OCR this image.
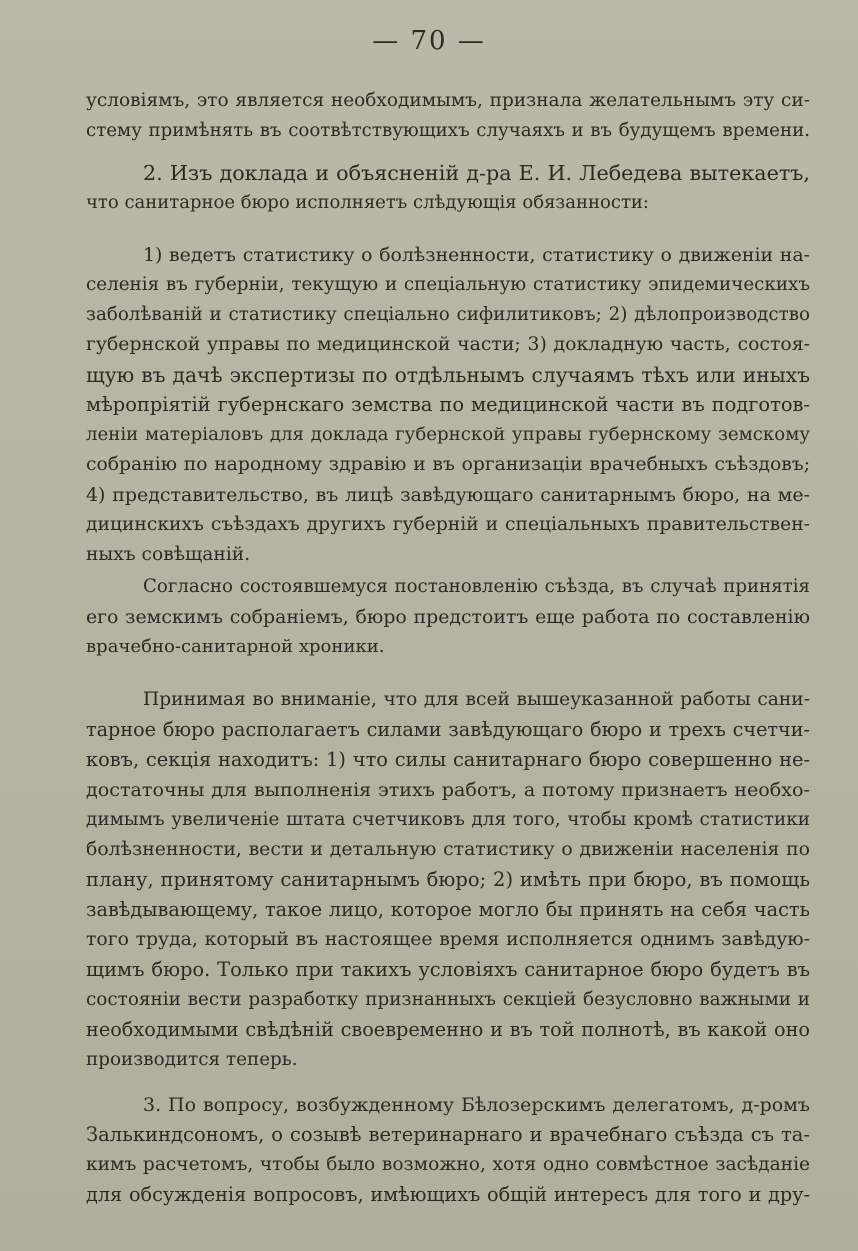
— 70 —
условіямъ, это является необходимымъ, признала желательнымъ эту си-
стему примѣнять въ соотвѣтствующихъ случаяхъ и въ будущемъ времени.
2. Изъ доклада и объясненій д-ра Е. И. Лебедева вытекаетъ,
что санитарное бюро исполняетъ слѣдующія обязанности:
1) ведетъ статистику о болѣзненности, статистику о движеніи на-
селенія въ губерніи, текущую и спеціальную статистику эпидемическихъ
заболѣваній и статистику спеціально сифилитиковъ; 2) дѣлопроизводство
губернской управы по медицинской части; 3) докладную часть, состоя-
щую въ дачѣ экспертизы по отдѣльнымъ случаямъ тѣхъ или иныхъ
мѣропріятій губернскаго земства по медицинской части въ подготов-
леніи матеріаловъ для доклада губернской управы губернскому земскому
собранію по народному здравію и въ организаціи врачебныхъ съѣздовъ;
4) представительство, въ лицѣ завѣдующаго санитарнымъ бюро, на ме-
дицинскихъ съѣздахъ другихъ губерній и спеціальныхъ правительствен-
ныхъ совѣщаній.
Согласно состоявшемуся постановленію съѣзда, въ случаѣ принятія
его земскимъ собраніемъ, бюро предстоитъ еще работа по составленію
врачебно-санитарной хроники.
Принимая во вниманіе, что для всей вышеуказанной работы сани-
тарное бюро располагаетъ силами завѣдующаго бюро и трехъ счетчи-
ковъ, секція находитъ: 1) что силы санитарнаго бюро совершенно не-
достаточны для выполненія этихъ работъ, а потому признаетъ необхо-
димымъ увеличеніе штата счетчиковъ для того, чтобы кромѣ статистики
болѣзненности, вести и детальную статистику о движеніи населенія по
плану, принятому санитарнымъ бюро; 2) имѣть при бюро, въ помощь
завѣдывающему, такое лицо, которое могло бы принять на себя часть
того труда, который въ настоящее время исполняется однимъ завѣдую-
щимъ бюро. Только при такихъ условіяхъ санитарное бюро будетъ въ
состояніи вести разработку признанныхъ секціей безусловно важными и
необходимыми свѣдѣній своевременно и въ той полнотѣ, въ какой оно
производится теперь.
3. По вопросу, возбужденному Бѣлозерскимъ делегатомъ, д-ромъ
Залькиндсономъ, о созывѣ ветеринарнаго и врачебнаго съѣзда съ та-
кимъ расчетомъ, чтобы было возможно, хотя одно совмѣстное засѣданіе
для обсужденія вопросовъ, имѣющихъ общій интересъ для того и дру-
